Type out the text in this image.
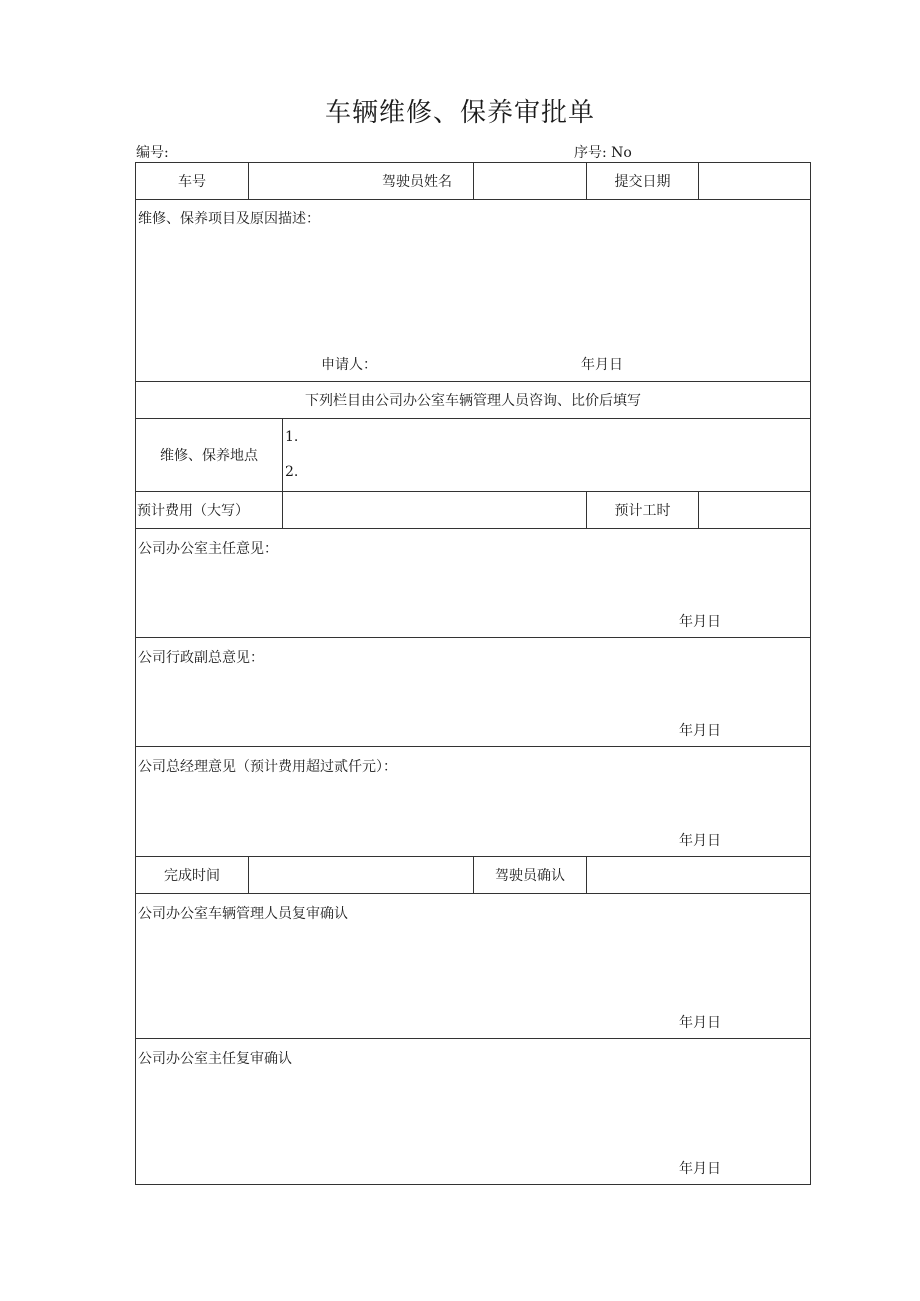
车辆维修、保养审批单
编号:	序号: No
车号	驾驶员姓名	提交日期
维修、保养项目及原因描述：
申请人：	年月日
下列栏目由公司办公室车辆管理人员咨询、比价后填写
维修、保养地点
1.
2.
预计费用（大写）	预计工时
公司办公室主任意见：
年月日
公司行政副总意见：
年月日
公司总经理意见（预计费用超过贰仟元）：
年月日
完成时间	驾驶员确认
公司办公室车辆管理人员复审确认
年月日
公司办公室主任复审确认
年月日
